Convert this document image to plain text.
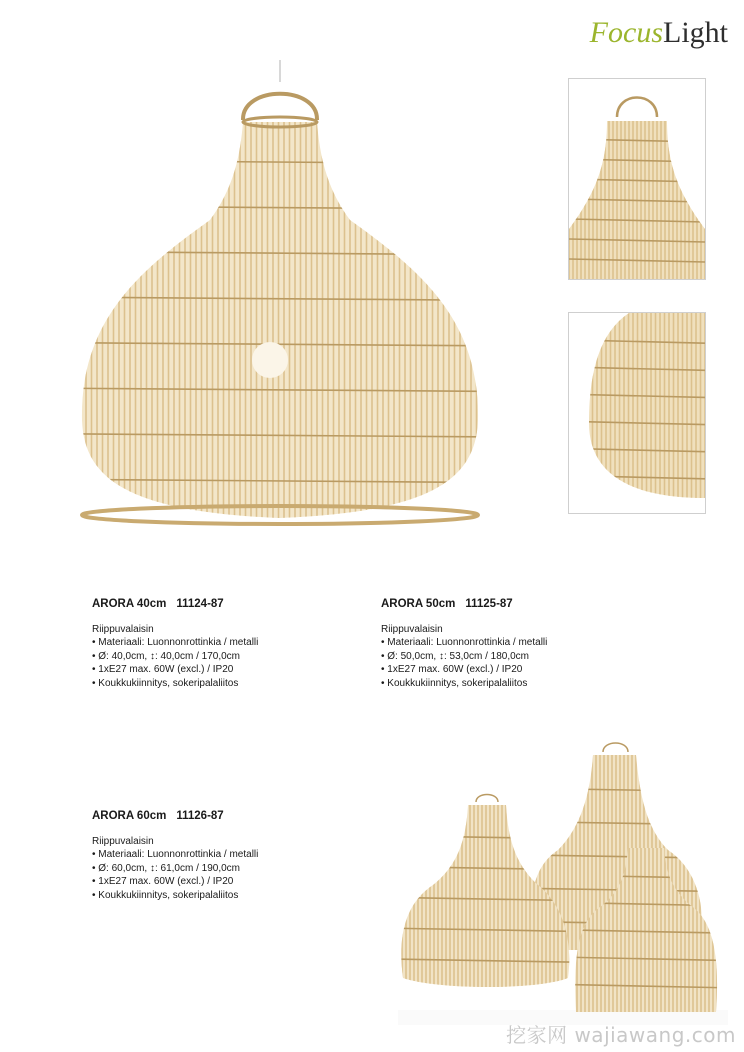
FocusLight
ARORA 40cm 11124-87
Riippuvalaisin
• Materiaali: Luonnonrottinkia / metalli
• Ø: 40,0cm, ↕: 40,0cm / 170,0cm
• 1xE27 max. 60W (excl.) / IP20
• Koukkukiinnitys, sokeripalaliitos
ARORA 50cm 11125-87
Riippuvalaisin
• Materiaali: Luonnonrottinkia / metalli
• Ø: 50,0cm, ↕: 53,0cm / 180,0cm
• 1xE27 max. 60W (excl.) / IP20
• Koukkukiinnitys, sokeripalaliitos
ARORA 60cm 11126-87
Riippuvalaisin
• Materiaali: Luonnonrottinkia / metalli
• Ø: 60,0cm, ↕: 61,0cm / 190,0cm
• 1xE27 max. 60W (excl.) / IP20
• Koukkukiinnitys, sokeripalaliitos
挖家网 wajiawang.com
